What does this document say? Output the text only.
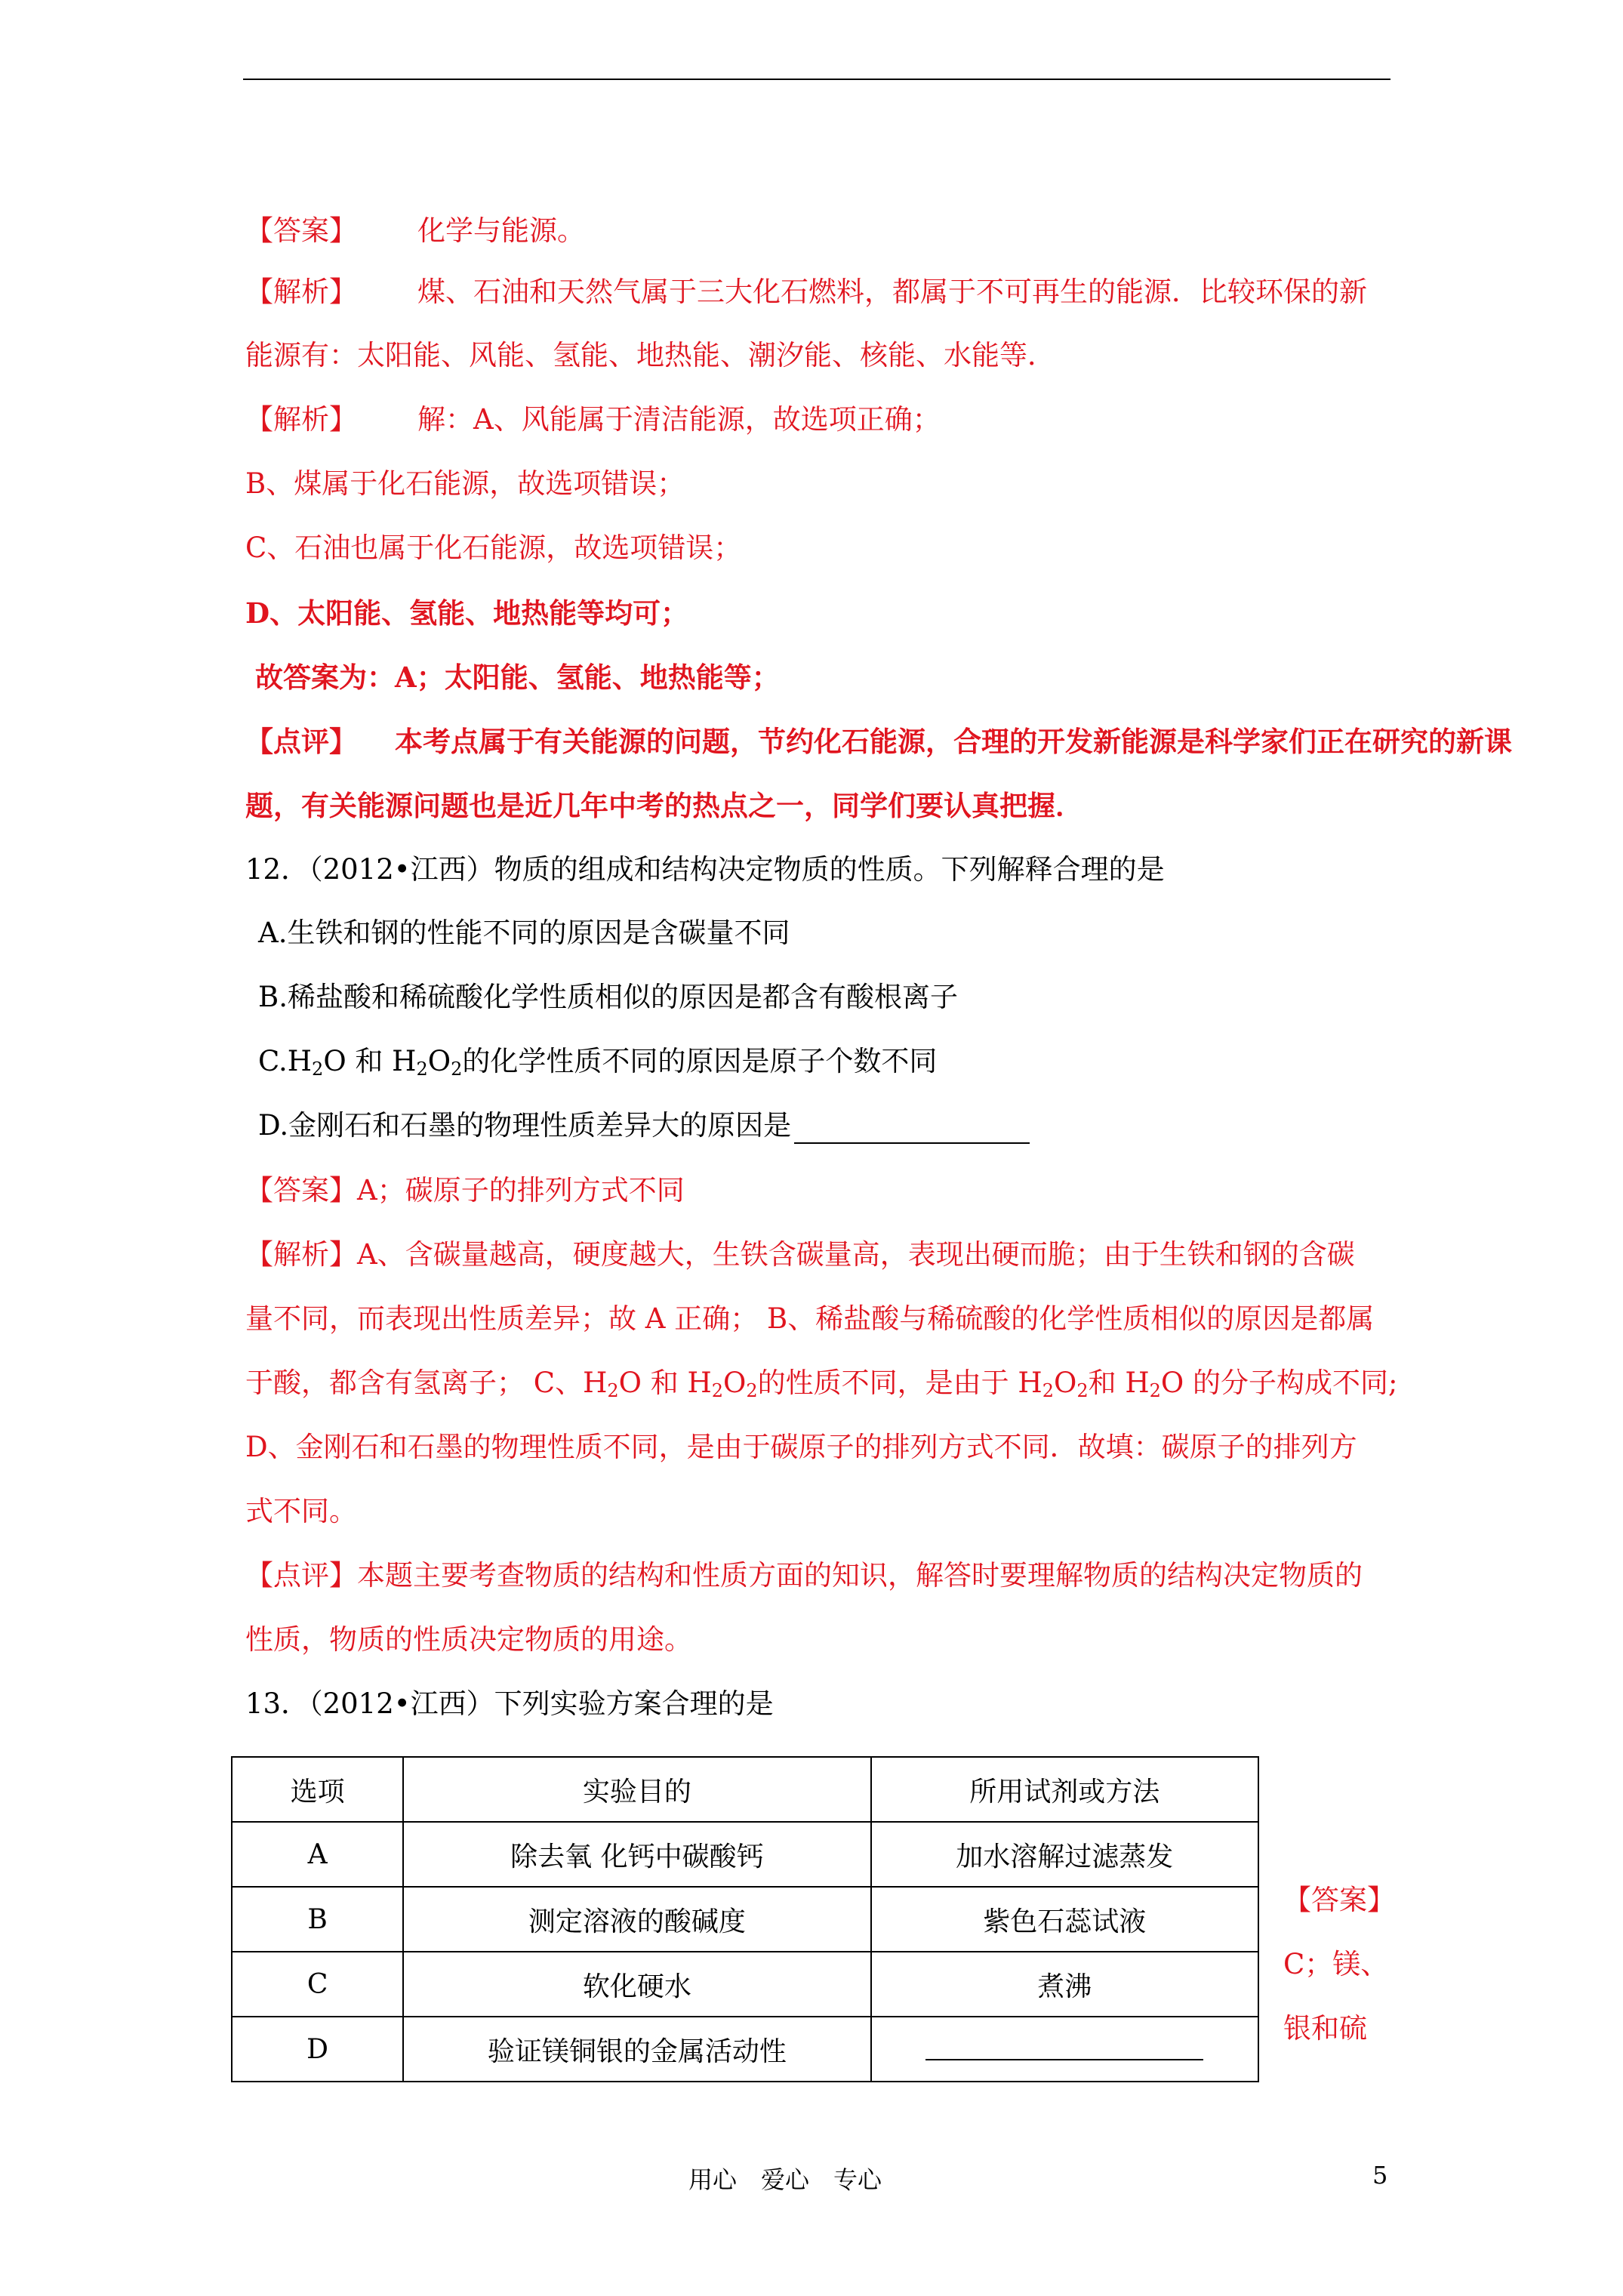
【答案】 化学与能源。
【解析】 煤、石油和天然气属于三大化石燃料，都属于不可再生的能源．比较环保的新
能源有：太阳能、风能、氢能、地热能、潮汐能、核能、水能等．
【解析】 解：A、风能属于清洁能源，故选项正确；
B、煤属于化石能源，故选项错误；
C、石油也属于化石能源，故选项错误；
D、太阳能、氢能、地热能等均可；
故答案为：A；太阳能、氢能、地热能等；
【点评】 本考点属于有关能源的问题，节约化石能源，合理的开发新能源是科学家们正在研究的新课
题，有关能源问题也是近几年中考的热点之一，同学们要认真把握．
12．（2012•江西）物质的组成和结构决定物质的性质。下列解释合理的是
A.生铁和钢的性能不同的原因是含碳量不同
B.稀盐酸和稀硫酸化学性质相似的原因是都含有酸根离子
$C.H_2O$ 和 $H_2O_2$的化学性质不同的原因是原子个数不同
D.金刚石和石墨的物理性质差异大的原因是
【答案】A；碳原子的排列方式不同
【解析】A、含碳量越高，硬度越大，生铁含碳量高，表现出硬而脆；由于生铁和钢的含碳
量不同，而表现出性质差异；故 A 正确； B、稀盐酸与稀硫酸的化学性质相似的原因是都属
于酸，都含有氢离子； C、$H_2O$ 和 $H_2O_2$的性质不同，是由于 $H_2O_2$和 $H_2O$ 的分子构成不同;
D、金刚石和石墨的物理性质不同，是由于碳原子的排列方式不同．故填：碳原子的排列方
式不同。
【点评】本题主要考查物质的结构和性质方面的知识，解答时要理解物质的结构决定物质的
性质，物质的性质决定物质的用途。
13．（2012•江西）下列实验方案合理的是
选项	实验目的	所用试剂或方法
A	除去氧 化钙中碳酸钙	加水溶解过滤蒸发
B	测定溶液的酸碱度	紫色石蕊试液
C	软化硬水	煮沸
D	验证镁铜银的金属活动性	
【答案】
C；镁、
银和硫
用心　爱心　专心	5
